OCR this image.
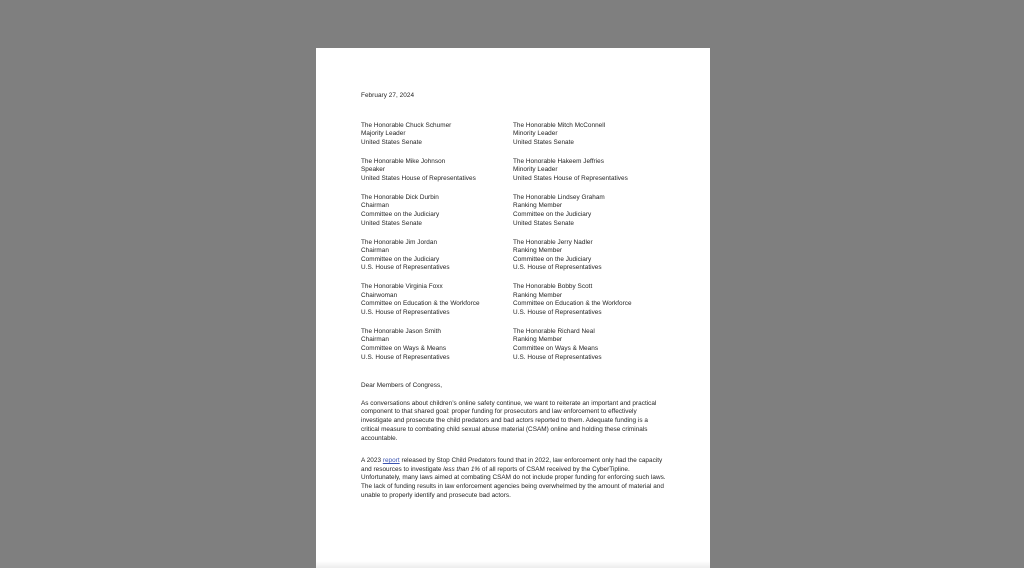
February 27, 2024
The Honorable Chuck Schumer
Majority Leader
United States Senate
The Honorable Mitch McConnell
Minority Leader
United States Senate
The Honorable Mike Johnson
Speaker
United States House of Representatives
The Honorable Hakeem Jeffries
Minority Leader
United States House of Representatives
The Honorable Dick Durbin
Chairman
Committee on the Judiciary
United States Senate
The Honorable Lindsey Graham
Ranking Member
Committee on the Judiciary
United States Senate
The Honorable Jim Jordan
Chairman
Committee on the Judiciary
U.S. House of Representatives
The Honorable Jerry Nadler
Ranking Member
Committee on the Judiciary
U.S. House of Representatives
The Honorable Virginia Foxx
Chairwoman
Committee on Education & the Workforce
U.S. House of Representatives
The Honorable Bobby Scott
Ranking Member
Committee on Education & the Workforce
U.S. House of Representatives
The Honorable Jason Smith
Chairman
Committee on Ways & Means
U.S. House of Representatives
The Honorable Richard Neal
Ranking Member
Committee on Ways & Means
U.S. House of Representatives

Dear Members of Congress,

As conversations about children’s online safety continue, we want to reiterate an important and practical component to that shared goal: proper funding for prosecutors and law enforcement to effectively investigate and prosecute the child predators and bad actors reported to them. Adequate funding is a critical measure to combating child sexual abuse material (CSAM) online and holding these criminals accountable.

A 2023 report released by Stop Child Predators found that in 2022, law enforcement only had the capacity and resources to investigate less than 1% of all reports of CSAM received by the CyberTipline. Unfortunately, many laws aimed at combating CSAM do not include proper funding for enforcing such laws. The lack of funding results in law enforcement agencies being overwhelmed by the amount of material and unable to properly identify and prosecute bad actors.
